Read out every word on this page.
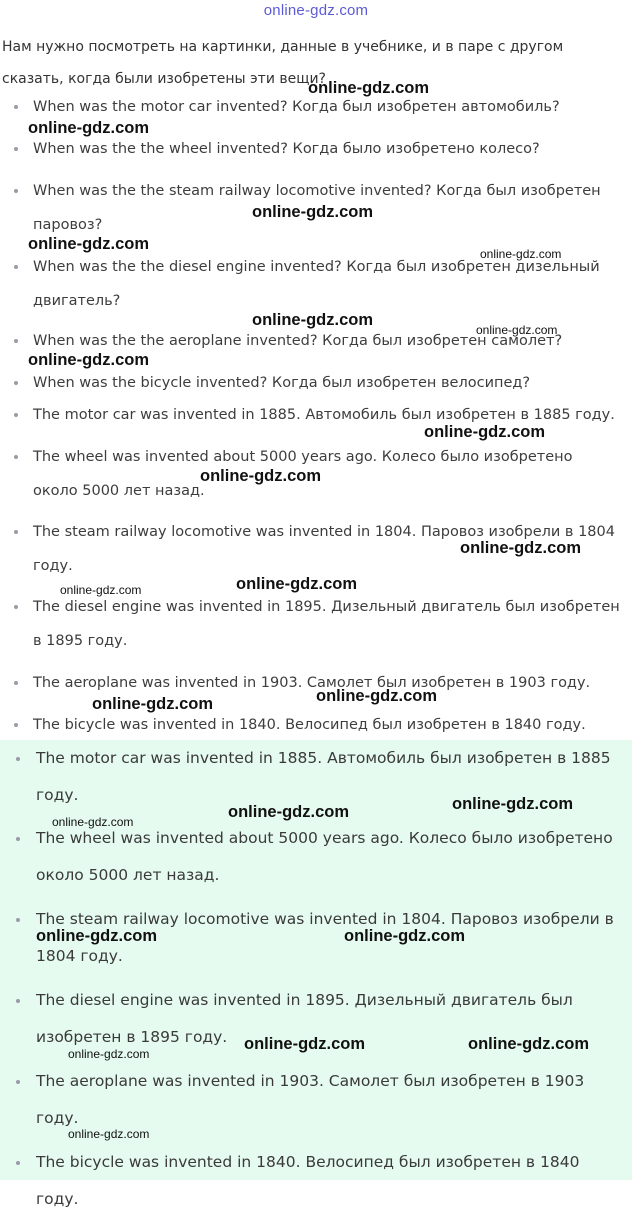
online-gdz.com
Нам нужно посмотреть на картинки, данные в учебнике, и в паре с другом сказать, когда были изобретены эти вещи?
When was the motor car invented? Когда был изобретен автомобиль?
When was the the wheel invented? Когда было изобретено колесо?
When was the the steam railway locomotive invented? Когда был изобретен паровоз?
When was the the diesel engine invented? Когда был изобретен дизельный двигатель?
When was the the aeroplane invented? Когда был изобретен самолет?
When was the bicycle invented? Когда был изобретен велосипед?
The motor car was invented in 1885. Автомобиль был изобретен в 1885 году.
The wheel was invented about 5000 years ago. Колесо было изобретено около 5000 лет назад.
The steam railway locomotive was invented in 1804. Паровоз изобрели в 1804 году.
The diesel engine was invented in 1895. Дизельный двигатель был изобретен в 1895 году.
The aeroplane was invented in 1903. Самолет был изобретен в 1903 году.
The bicycle was invented in 1840. Велосипед был изобретен в 1840 году.
The motor car was invented in 1885. Автомобиль был изобретен в 1885 году.
The wheel was invented about 5000 years ago. Колесо было изобретено около 5000 лет назад.
The steam railway locomotive was invented in 1804. Паровоз изобрели в 1804 году.
The diesel engine was invented in 1895. Дизельный двигатель был изобретен в 1895 году.
The aeroplane was invented in 1903. Самолет был изобретен в 1903 году.
The bicycle was invented in 1840. Велосипед был изобретен в 1840 году.
online-gdz.com
online-gdz.com
online-gdz.com
online-gdz.com
online-gdz.com
online-gdz.com
online-gdz.com
online-gdz.com
online-gdz.com
online-gdz.com
online-gdz.com
online-gdz.com
online-gdz.com
online-gdz.com
online-gdz.com
online-gdz.com
online-gdz.com
online-gdz.com
online-gdz.com	online-gdz.com
online-gdz.com	online-gdz.com
online-gdz.com
online-gdz.com
